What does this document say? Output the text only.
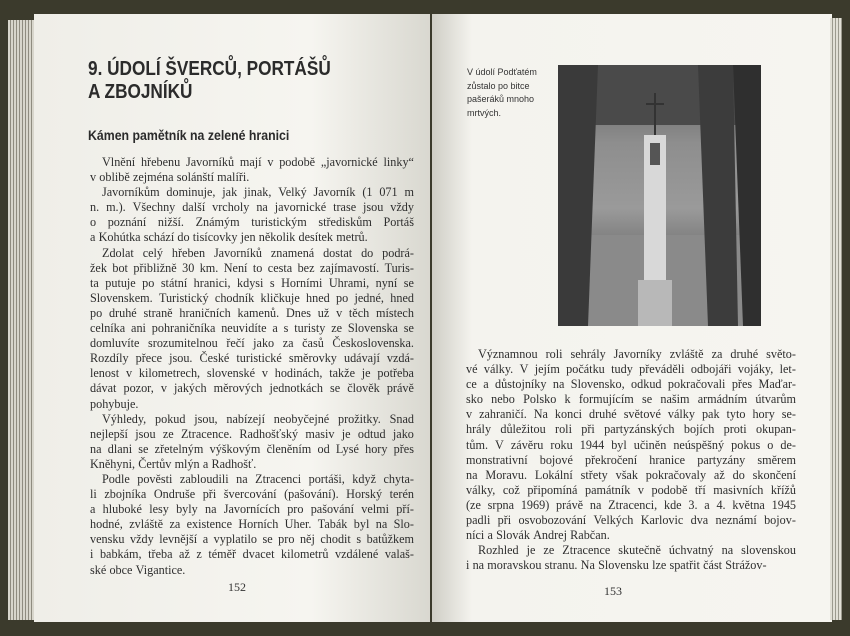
9. ÚDOLÍ ŠVERCŮ, PORTÁŠŮ
A ZBOJNÍKŮ
Kámen pamětník na zelené hranici
Vlnění hřebenu Javorníků mají v podobě „javornické linky“
v oblibě zejména solánští malíři.
Javorníkům dominuje, jak jinak, Velký Javorník (1 071 m
n. m.). Všechny další vrcholy na javornické trase jsou vždy
o poznání nižší. Známým turistickým střediskům Portáš
a Kohútka schází do tisícovky jen několik desítek metrů.
Zdolat celý hřeben Javorníků znamená dostat do podrá-
žek bot přibližně 30 km. Není to cesta bez zajímavostí. Turis-
ta putuje po státní hranici, kdysi s Horními Uhrami, nyní se
Slovenskem. Turistický chodník kličkuje hned po jedné, hned
po druhé straně hraničních kamenů. Dnes už v těch místech
celníka ani pohraničníka neuvidíte a s turisty ze Slovenska se
domluvíte srozumitelnou řečí jako za časů Československa.
Rozdíly přece jsou. České turistické směrovky udávají vzdá-
lenost v kilometrech, slovenské v hodinách, takže je potřeba
dávat pozor, v jakých měrových jednotkách se člověk právě
pohybuje.
Výhledy, pokud jsou, nabízejí neobyčejné prožitky. Snad
nejlepší jsou ze Ztracence. Radhošťský masiv je odtud jako
na dlani se zřetelným výškovým členěním od Lysé hory přes
Kněhyni, Čertův mlýn a Radhošť.
Podle pověsti zabloudili na Ztracenci portáši, když chyta-
li zbojníka Ondruše při švercování (pašování). Horský terén
a hluboké lesy byly na Javornících pro pašování velmi pří-
hodné, zvláště za existence Horních Uher. Tabák byl na Slo-
vensku vždy levnější a vyplatilo se pro něj chodit s batůžkem
i babkám, třeba až z téměř dvacet kilometrů vzdálené valaš-
ské obce Vigantice.
152
V údolí Podťatém zůstalo po bitce pašeráků mnoho mrtvých.
Významnou roli sehrály Javorníky zvláště za druhé světo-
vé války. V jejím počátku tudy převáděli odbojáři vojáky, let-
ce a důstojníky na Slovensko, odkud pokračovali přes Maďar-
sko nebo Polsko k formujícím se našim armádním útvarům
v zahraničí. Na konci druhé světové války pak tyto hory se-
hrály důležitou roli při partyzánských bojích proti okupan-
tům. V závěru roku 1944 byl učiněn neúspěšný pokus o de-
monstrativní bojové překročení hranice partyzány směrem
na Moravu. Lokální střety však pokračovaly až do skončení
války, což připomíná památník v podobě tří masivních křížů
(ze srpna 1969) právě na Ztracenci, kde 3. a 4. května 1945
padli při osvobozování Velkých Karlovic dva neznámí bojov-
níci a Slovák Andrej Rabčan.
Rozhled je ze Ztracence skutečně úchvatný na slovenskou
i na moravskou stranu. Na Slovensku lze spatřit část Strážov-
153
